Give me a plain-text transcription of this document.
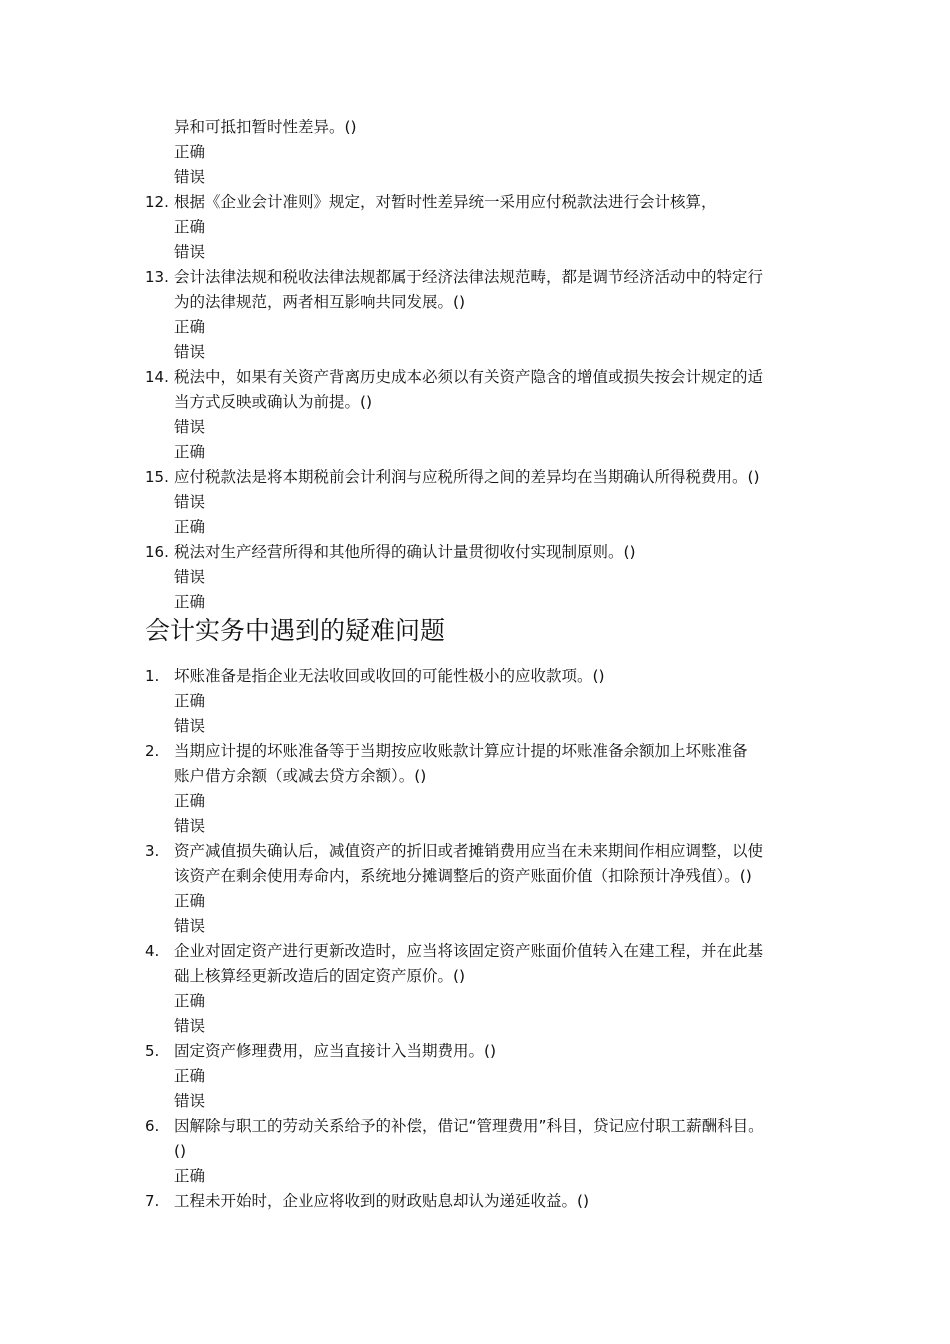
异和可抵扣暂时性差异。()
正确
错误
12. 根据《企业会计准则》规定，对暂时性差异统一采用应付税款法进行会计核算，
正确
错误
13. 会计法律法规和税收法律法规都属于经济法律法规范畴，都是调节经济活动中的特定行
为的法律规范，两者相互影响共同发展。()
正确
错误
14. 税法中，如果有关资产背离历史成本必须以有关资产隐含的增值或损失按会计规定的适
当方式反映或确认为前提。()
错误
正确
15. 应付税款法是将本期税前会计利润与应税所得之间的差异均在当期确认所得税费用。()
错误
正确
16. 税法对生产经营所得和其他所得的确认计量贯彻收付实现制原则。()
错误
正确
会计实务中遇到的疑难问题
1. 坏账准备是指企业无法收回或收回的可能性极小的应收款项。()
正确
错误
2. 当期应计提的坏账准备等于当期按应收账款计算应计提的坏账准备余额加上坏账准备
账户借方余额（或减去贷方余额）。()
正确
错误
3. 资产减值损失确认后，减值资产的折旧或者摊销费用应当在未来期间作相应调整，以使
该资产在剩余使用寿命内，系统地分摊调整后的资产账面价值（扣除预计净残值）。()
正确
错误
4. 企业对固定资产进行更新改造时，应当将该固定资产账面价值转入在建工程，并在此基
础上核算经更新改造后的固定资产原价。()
正确
错误
5. 固定资产修理费用，应当直接计入当期费用。()
正确
错误
6. 因解除与职工的劳动关系给予的补偿，借记“管理费用”科目，贷记应付职工薪酬科目。
()
正确
7. 工程未开始时，企业应将收到的财政贴息却认为递延收益。()
